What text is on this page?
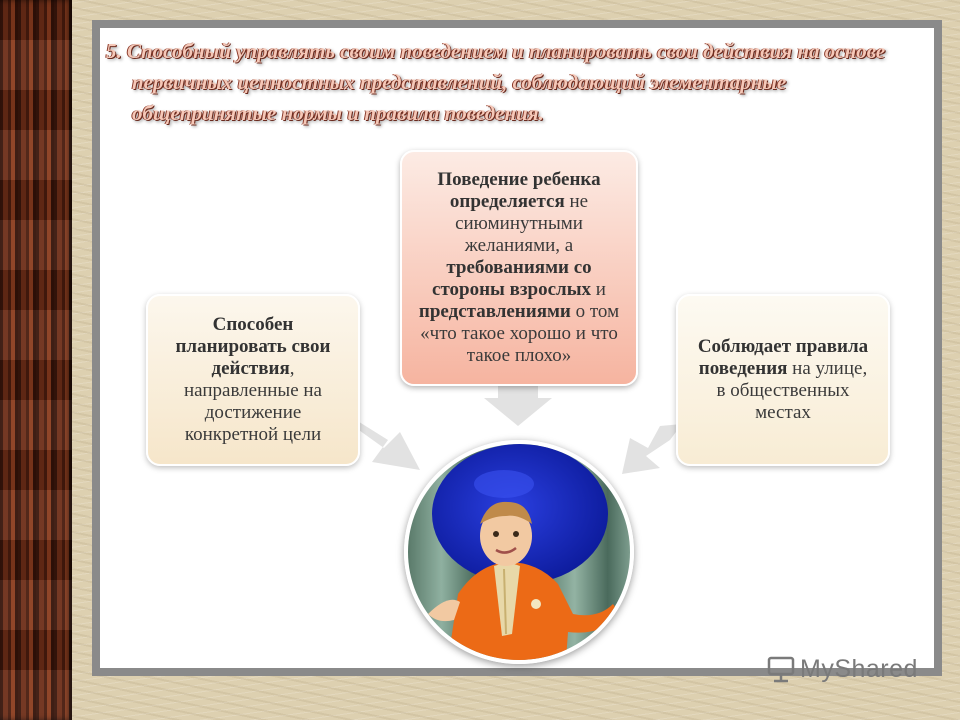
5. Способный управлять своим поведением и планировать свои действия на основе первичных ценностных представлений, соблюдающий элементарные общепринятые нормы и правила поведения.

Способен планировать свои действия, направленные на достижение конкретной цели
Поведение ребенка определяется не сиюминутными желаниями, а требованиями со стороны взрослых и представлениями о том «что такое хорошо и что такое плохо»	Соблюдает правила поведения на улице, в общественных местах
MyShared
